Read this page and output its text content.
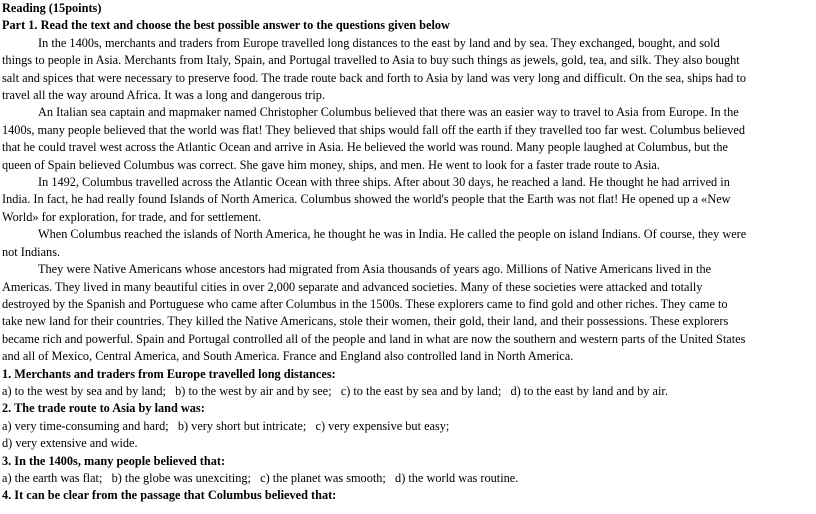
Reading (15points)
Part 1. Read the text and choose the best possible answer to the questions given below
In the 1400s, merchants and traders from Europe travelled long distances to the east by land and by sea. They exchanged, bought, and sold
things to people in Asia. Merchants from Italy, Spain, and Portugal travelled to Asia to buy such things as jewels, gold, tea, and silk. They also bought
salt and spices that were necessary to preserve food. The trade route back and forth to Asia by land was very long and difficult. On the sea, ships had to
travel all the way around Africa. It was a long and dangerous trip.
An Italian sea captain and mapmaker named Christopher Columbus believed that there was an easier way to travel to Asia from Europe. In the
1400s, many people believed that the world was flat! They believed that ships would fall off the earth if they travelled too far west. Columbus believed
that he could travel west across the Atlantic Ocean and arrive in Asia. He believed the world was round. Many people laughed at Columbus, but the
queen of Spain believed Columbus was correct. She gave him money, ships, and men. He went to look for a faster trade route to Asia.
In 1492, Columbus travelled across the Atlantic Ocean with three ships. After about 30 days, he reached a land. He thought he had arrived in
India. In fact, he had really found Islands of North America. Columbus showed the world's people that the Earth was not flat! He opened up a «New
World» for exploration, for trade, and for settlement.
When Columbus reached the islands of North America, he thought he was in India. He called the people on island Indians. Of course, they were
not Indians.
They were Native Americans whose ancestors had migrated from Asia thousands of years ago. Millions of Native Americans lived in the
Americas. They lived in many beautiful cities in over 2,000 separate and advanced societies. Many of these societies were attacked and totally
destroyed by the Spanish and Portuguese who came after Columbus in the 1500s. These explorers came to find gold and other riches. They came to
take new land for their countries. They killed the Native Americans, stole their women, their gold, their land, and their possessions. These explorers
became rich and powerful. Spain and Portugal controlled all of the people and land in what are now the southern and western parts of the United States
and all of Mexico, Central America, and South America. France and England also controlled land in North America.
1. Merchants and traders from Europe travelled long distances:
a) to the west by sea and by land;   b) to the west by air and by see;   c) to the east by sea and by land;   d) to the east by land and by air.
2. The trade route to Asia by land was:
a) very time-consuming and hard;   b) very short but intricate;   c) very expensive but easy;
d) very extensive and wide.
3. In the 1400s, many people believed that:
a) the earth was flat;   b) the globe was unexciting;   c) the planet was smooth;   d) the world was routine.
4. It can be clear from the passage that Columbus believed that:
